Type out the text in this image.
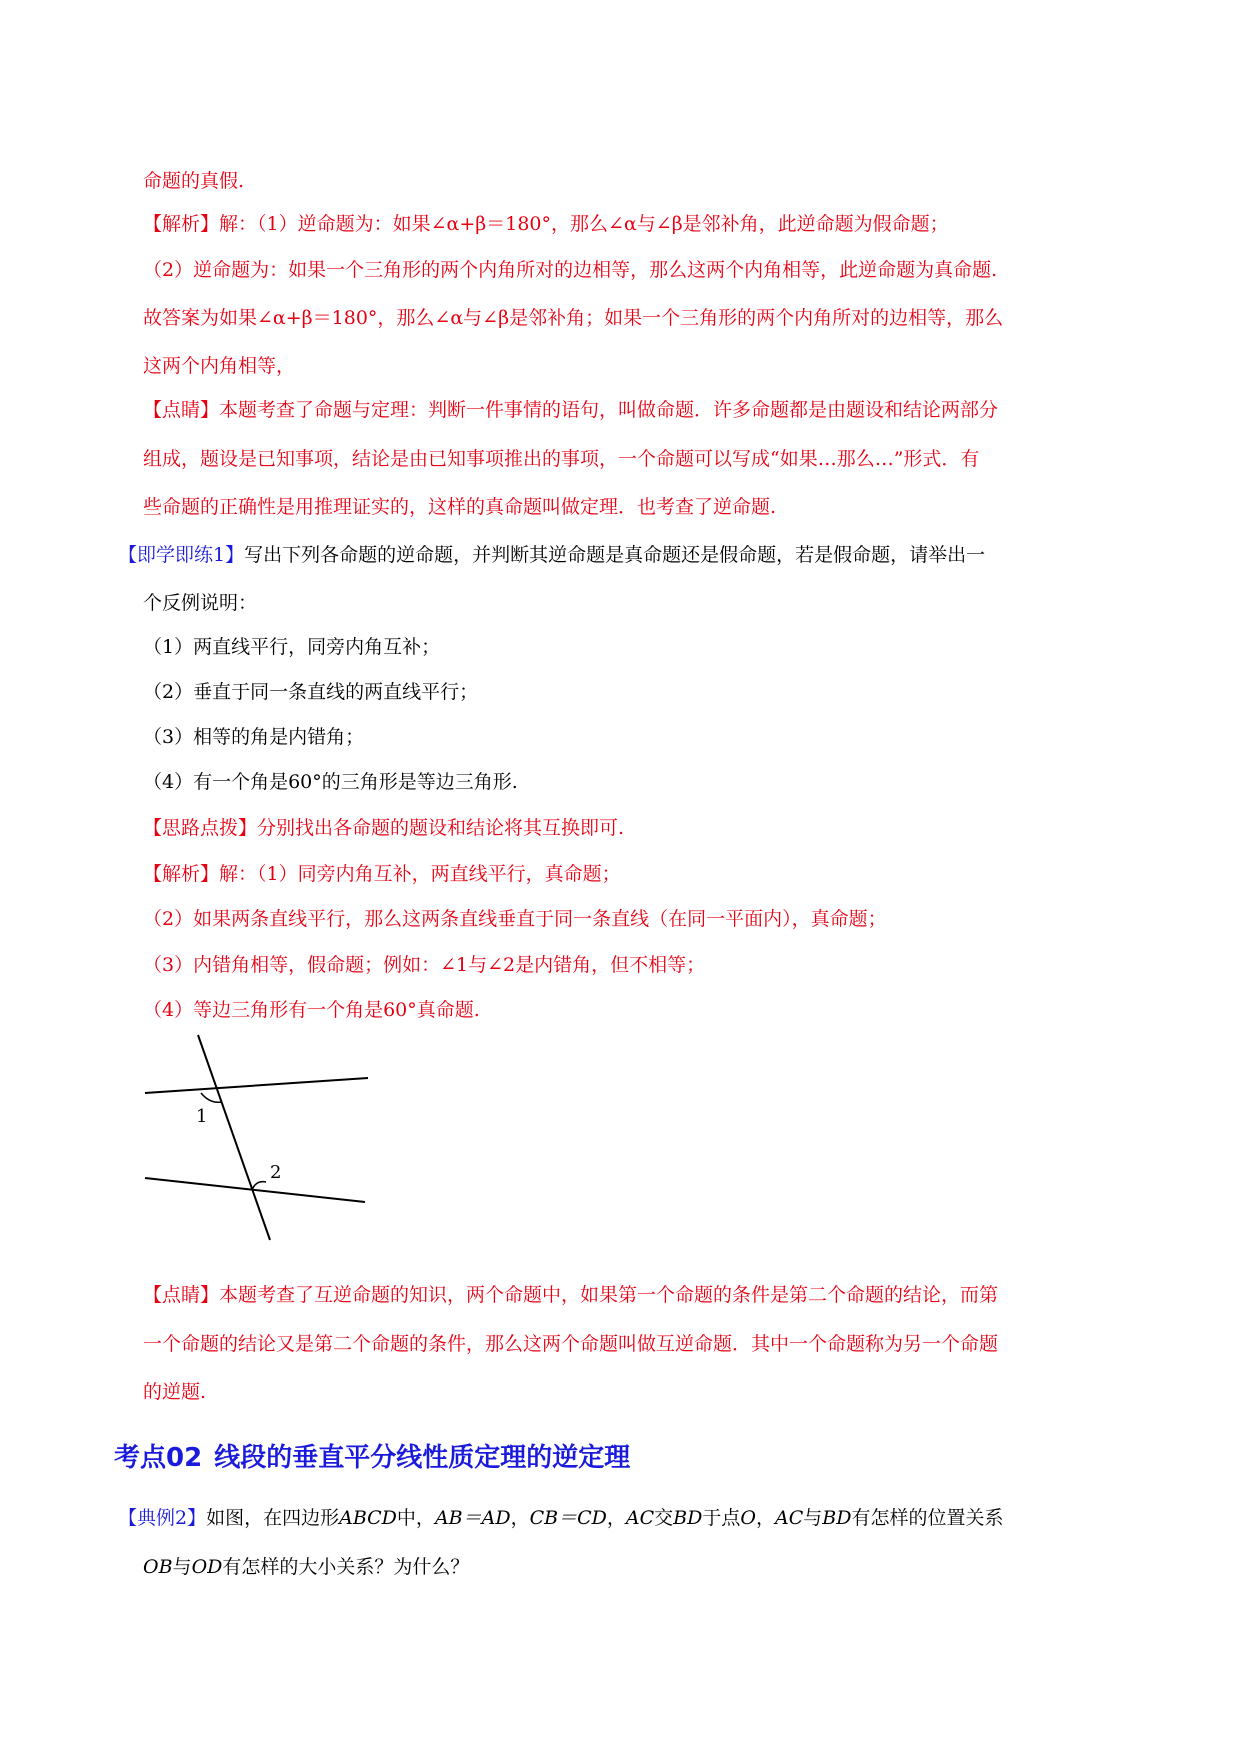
命题的真假.
【解析】解：（1）逆命题为：如果∠α+β＝180°，那么∠α与∠β是邻补角，此逆命题为假命题；
（2）逆命题为：如果一个三角形的两个内角所对的边相等，那么这两个内角相等，此逆命题为真命题.
故答案为如果∠α+β＝180°，那么∠α与∠β是邻补角；如果一个三角形的两个内角所对的边相等，那么
这两个内角相等，
【点睛】本题考查了命题与定理：判断一件事情的语句，叫做命题．许多命题都是由题设和结论两部分
组成，题设是已知事项，结论是由已知事项推出的事项，一个命题可以写成“如果…那么…”形式．有
些命题的正确性是用推理证实的，这样的真命题叫做定理．也考查了逆命题.
【即学即练1】写出下列各命题的逆命题，并判断其逆命题是真命题还是假命题，若是假命题，请举出一
个反例说明：
（1）两直线平行，同旁内角互补；
（2）垂直于同一条直线的两直线平行；
（3）相等的角是内错角；
（4）有一个角是60°的三角形是等边三角形.
【思路点拨】分别找出各命题的题设和结论将其互换即可.
【解析】解：（1）同旁内角互补，两直线平行，真命题；
（2）如果两条直线平行，那么这两条直线垂直于同一条直线（在同一平面内），真命题；
（3）内错角相等，假命题；例如：∠1与∠2是内错角，但不相等；
（4）等边三角形有一个角是60°真命题.
1
2
【点睛】本题考查了互逆命题的知识，两个命题中，如果第一个命题的条件是第二个命题的结论，而第
一个命题的结论又是第二个命题的条件，那么这两个命题叫做互逆命题．其中一个命题称为另一个命题
的逆题.
考点02 线段的垂直平分线性质定理的逆定理
【典例2】如图，在四边形ABCD中，AB＝AD，CB＝CD，AC交BD于点O，AC与BD有怎样的位置关系
OB与OD有怎样的大小关系？为什么？
